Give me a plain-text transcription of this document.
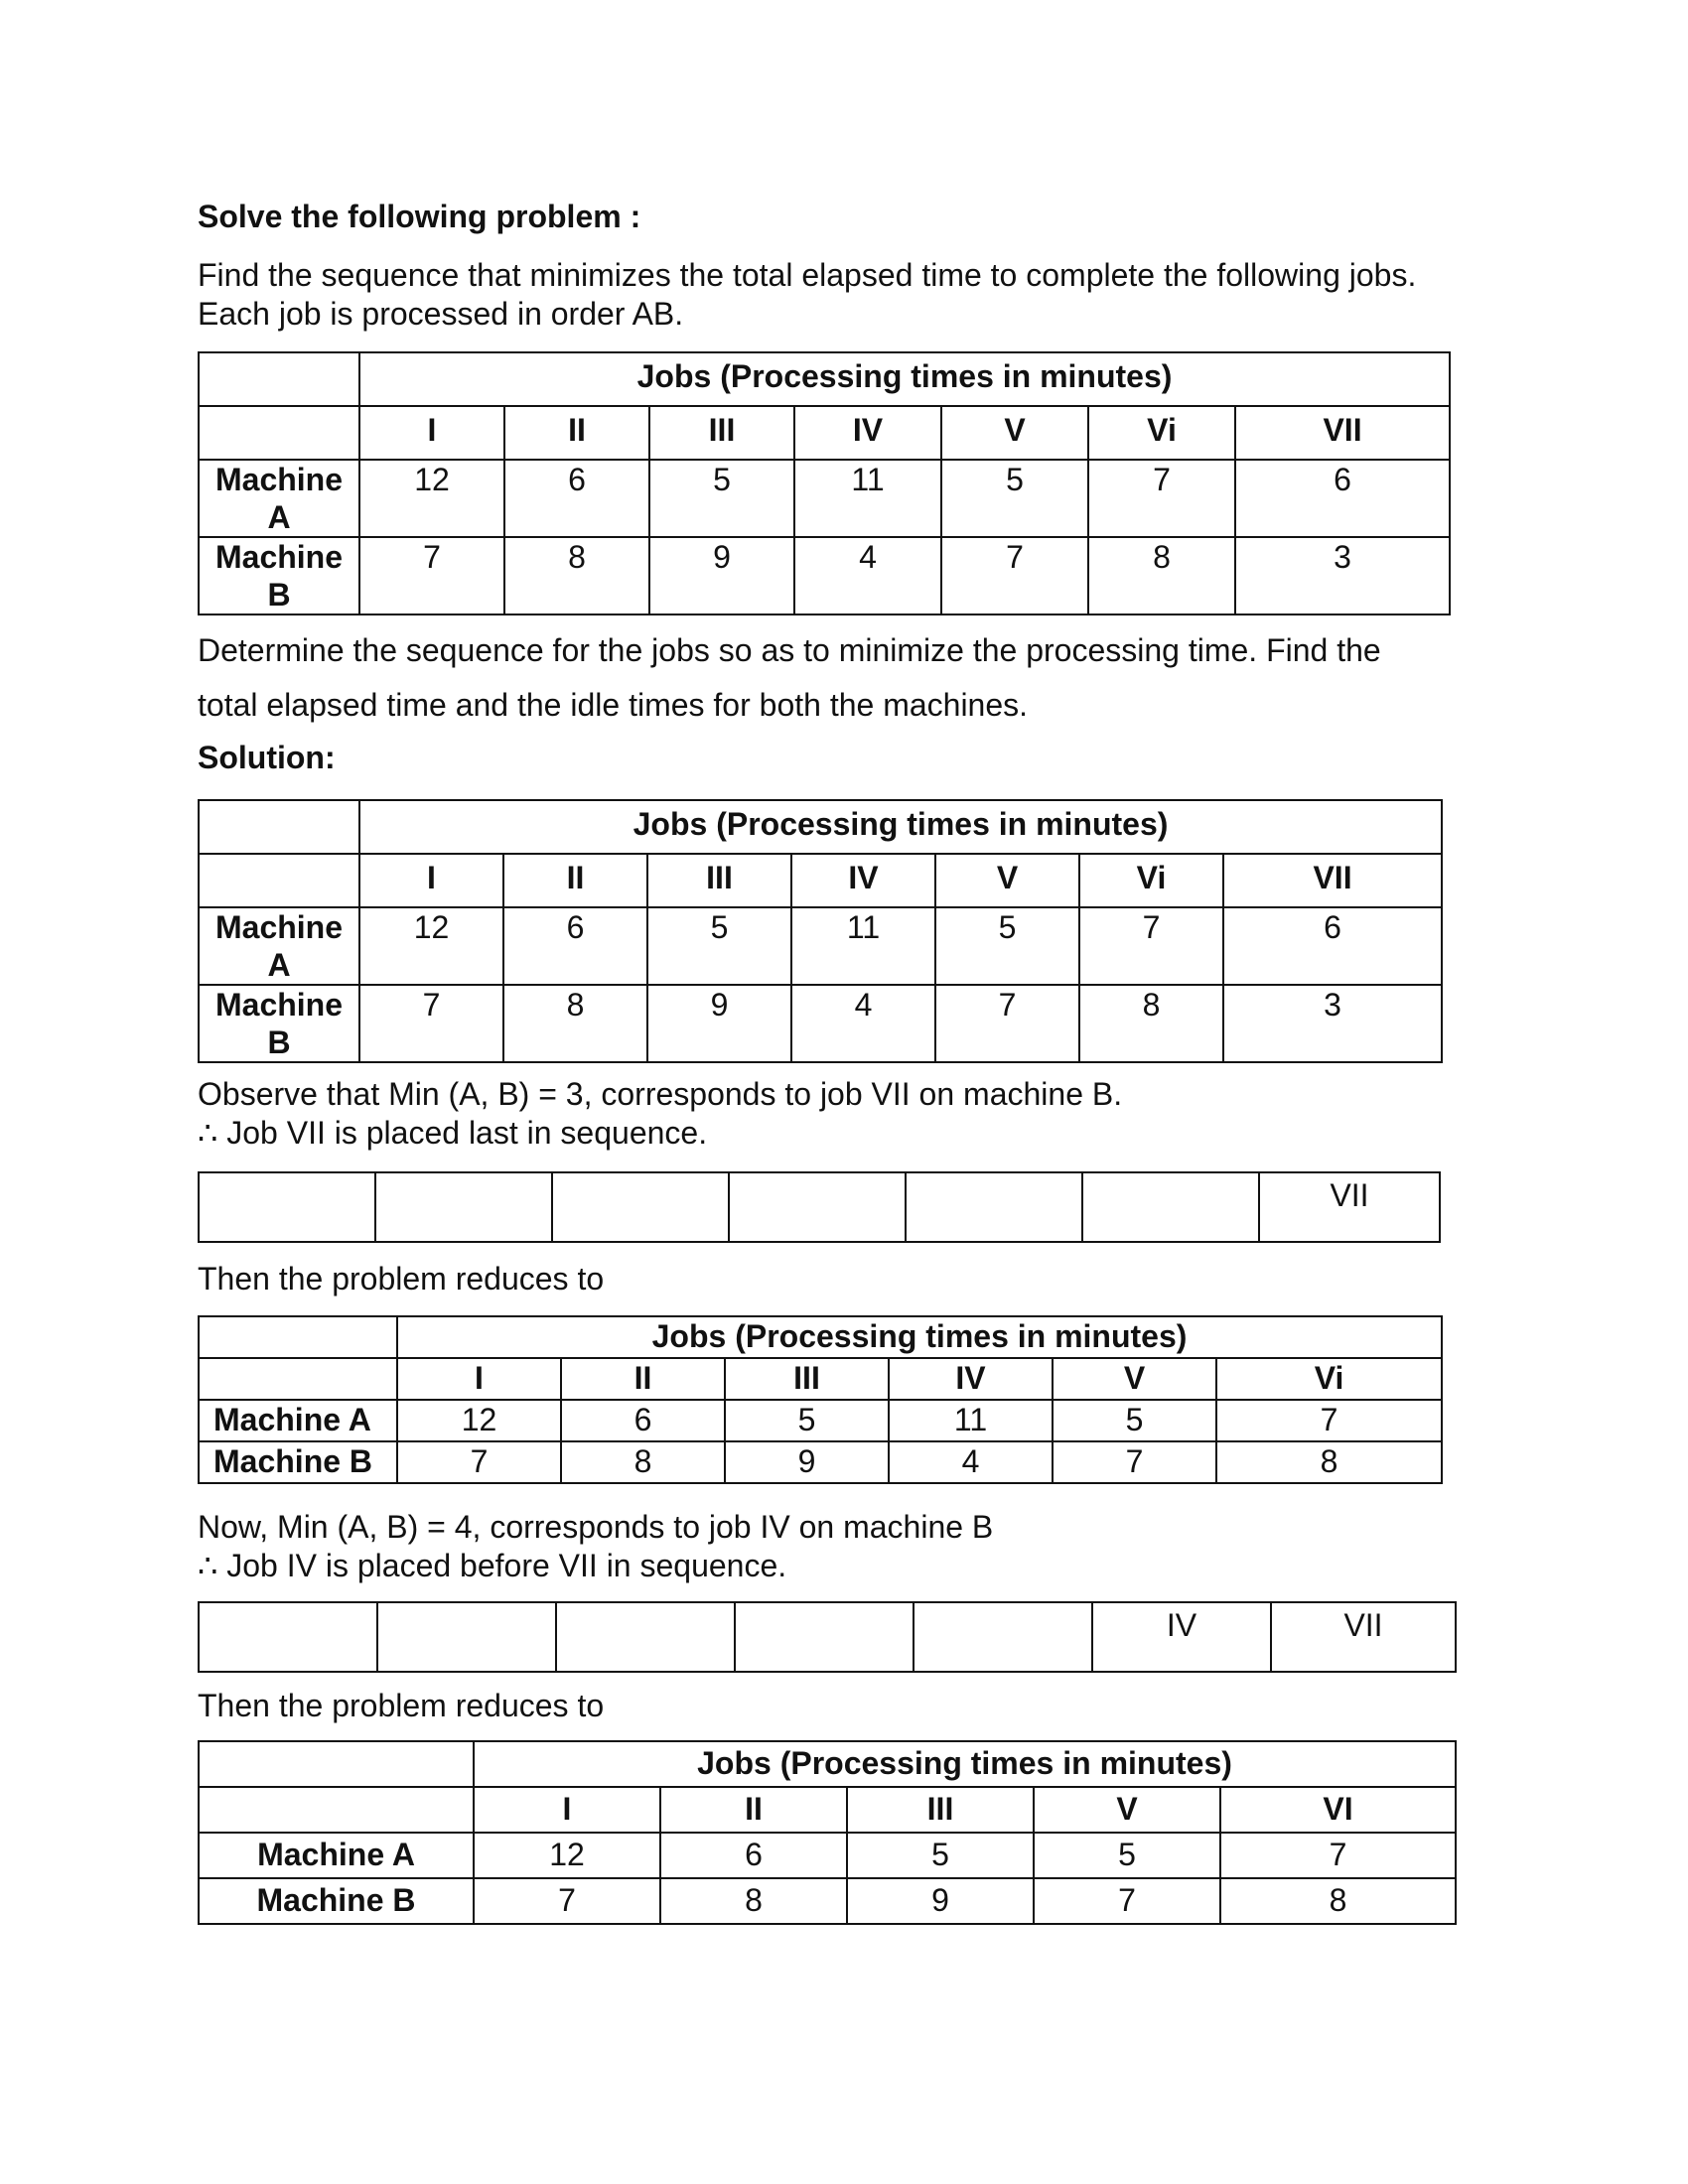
Solve the following problem :

Find the sequence that minimizes the total elapsed time to complete the following jobs.

Each job is processed in order AB.

	Jobs (Processing times in minutes)						
	I	II	III	IV	V	Vi	VII
Machine
A	12	6	5	11	5	7	6
Machine
B	7	8	9	4	7	8	3

Determine the sequence for the jobs so as to minimize the processing time. Find the

total elapsed time and the idle times for both the machines.

Solution:

	Jobs (Processing times in minutes)						
	I	II	III	IV	V	Vi	VII
Machine
A	12	6	5	11	5	7	6
Machine
B	7	8	9	4	7	8	3

Observe that Min (A, B) = 3, corresponds to job VII on machine B.

∴ Job VII is placed last in sequence.

						VII

Then the problem reduces to

	Jobs (Processing times in minutes)					
	I	II	III	IV	V	Vi
Machine A	12	6	5	11	5	7
Machine B	7	8	9	4	7	8

Now, Min (A, B) = 4, corresponds to job IV on machine B

∴ Job IV is placed before VII in sequence.

					IV	VII

Then the problem reduces to

	Jobs (Processing times in minutes)				
	I	II	III	V	VI
Machine A	12	6	5	5	7
Machine B	7	8	9	7	8
